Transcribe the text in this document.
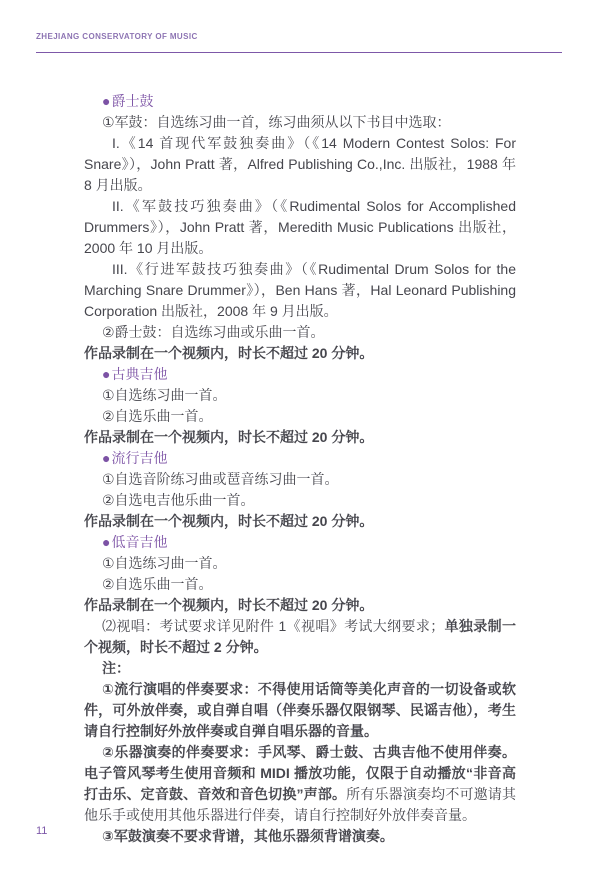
ZHEJIANG CONSERVATORY OF MUSIC

●爵士鼓

①军鼓：自选练习曲一首，练习曲须从以下书目中选取：

I.《14 首现代军鼓独奏曲》（《14 Modern Contest Solos: For Snare》），John Pratt 著，Alfred Publishing Co.,Inc. 出版社，1988 年 8 月出版。

II.《军鼓技巧独奏曲》（《Rudimental Solos for Accomplished Drummers》），John Pratt 著，Meredith Music Publications 出版社，2000 年 10 月出版。

III.《行进军鼓技巧独奏曲》（《Rudimental Drum Solos for the Marching Snare Drummer》），Ben Hans 著，Hal Leonard Publishing Corporation 出版社，2008 年 9 月出版。

②爵士鼓：自选练习曲或乐曲一首。

作品录制在一个视频内，时长不超过 20 分钟。

●古典吉他

①自选练习曲一首。

②自选乐曲一首。

作品录制在一个视频内，时长不超过 20 分钟。

●流行吉他

①自选音阶练习曲或琶音练习曲一首。

②自选电吉他乐曲一首。

作品录制在一个视频内，时长不超过 20 分钟。

●低音吉他

①自选练习曲一首。

②自选乐曲一首。

作品录制在一个视频内，时长不超过 20 分钟。

⑵视唱：考试要求详见附件 1《视唱》考试大纲要求；单独录制一个视频，时长不超过 2 分钟。

注：

①流行演唱的伴奏要求：不得使用话筒等美化声音的一切设备或软件，可外放伴奏，或自弹自唱（伴奏乐器仅限钢琴、民谣吉他），考生请自行控制好外放伴奏或自弹自唱乐器的音量。

②乐器演奏的伴奏要求：手风琴、爵士鼓、古典吉他不使用伴奏。电子管风琴考生使用音频和 MIDI 播放功能，仅限于自动播放“非音高打击乐、定音鼓、音效和音色切换”声部。所有乐器演奏均不可邀请其他乐手或使用其他乐器进行伴奏，请自行控制好外放伴奏音量。

③军鼓演奏不要求背谱，其他乐器须背谱演奏。

11
